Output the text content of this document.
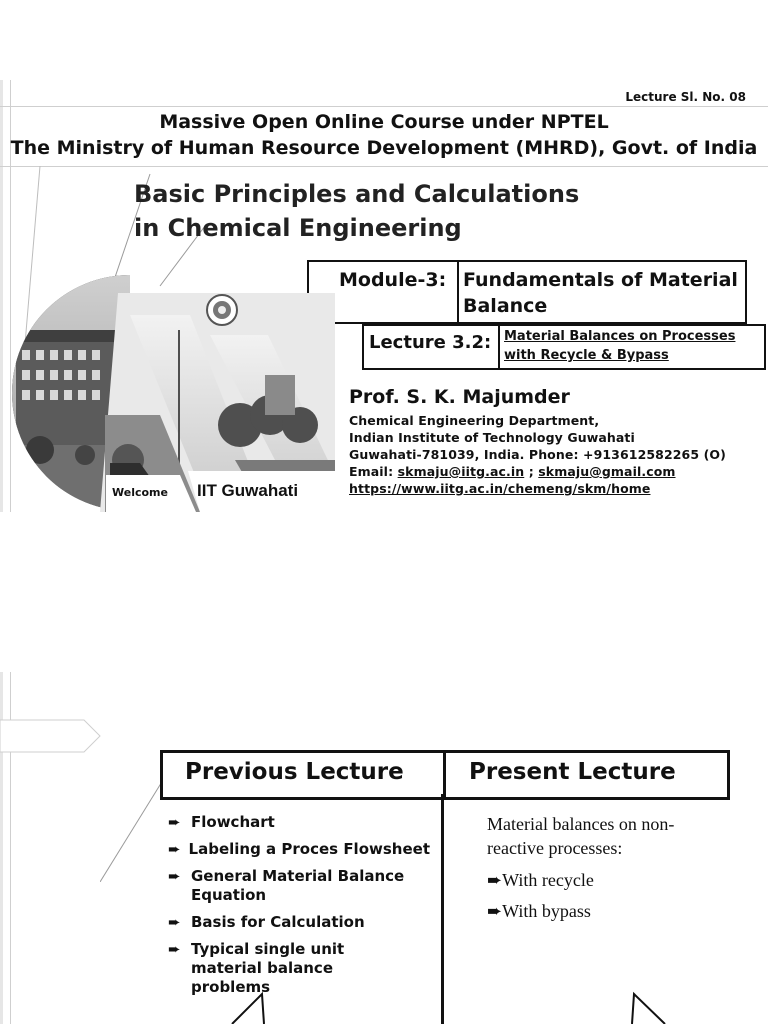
Lecture Sl. No. 08
Massive Open Online Course under NPTEL
The Ministry of Human Resource Development (MHRD), Govt. of India
Basic Principles and Calculations
in Chemical Engineering
Module-3: Fundamentals of Material
Balance
Lecture 3.2: Material Balances on Processes
with Recycle & Bypass
Welcome IIT Guwahati
Prof. S. K. Majumder
Chemical Engineering Department,
Indian Institute of Technology Guwahati
Guwahati-781039, India. Phone: +913612582265 (O)
Email: skmaju@iitg.ac.in ; skmaju@gmail.com
https://www.iitg.ac.in/chemeng/skm/home
Previous Lecture	Present Lecture
➨ Flowchart
➨ Labeling a Proces Flowsheet
➨ General Material Balance Equation
➨ Basis for Calculation
➨ Typical single unit material balance problems
Material balances on non-
reactive processes:
➨With recycle
➨With bypass
